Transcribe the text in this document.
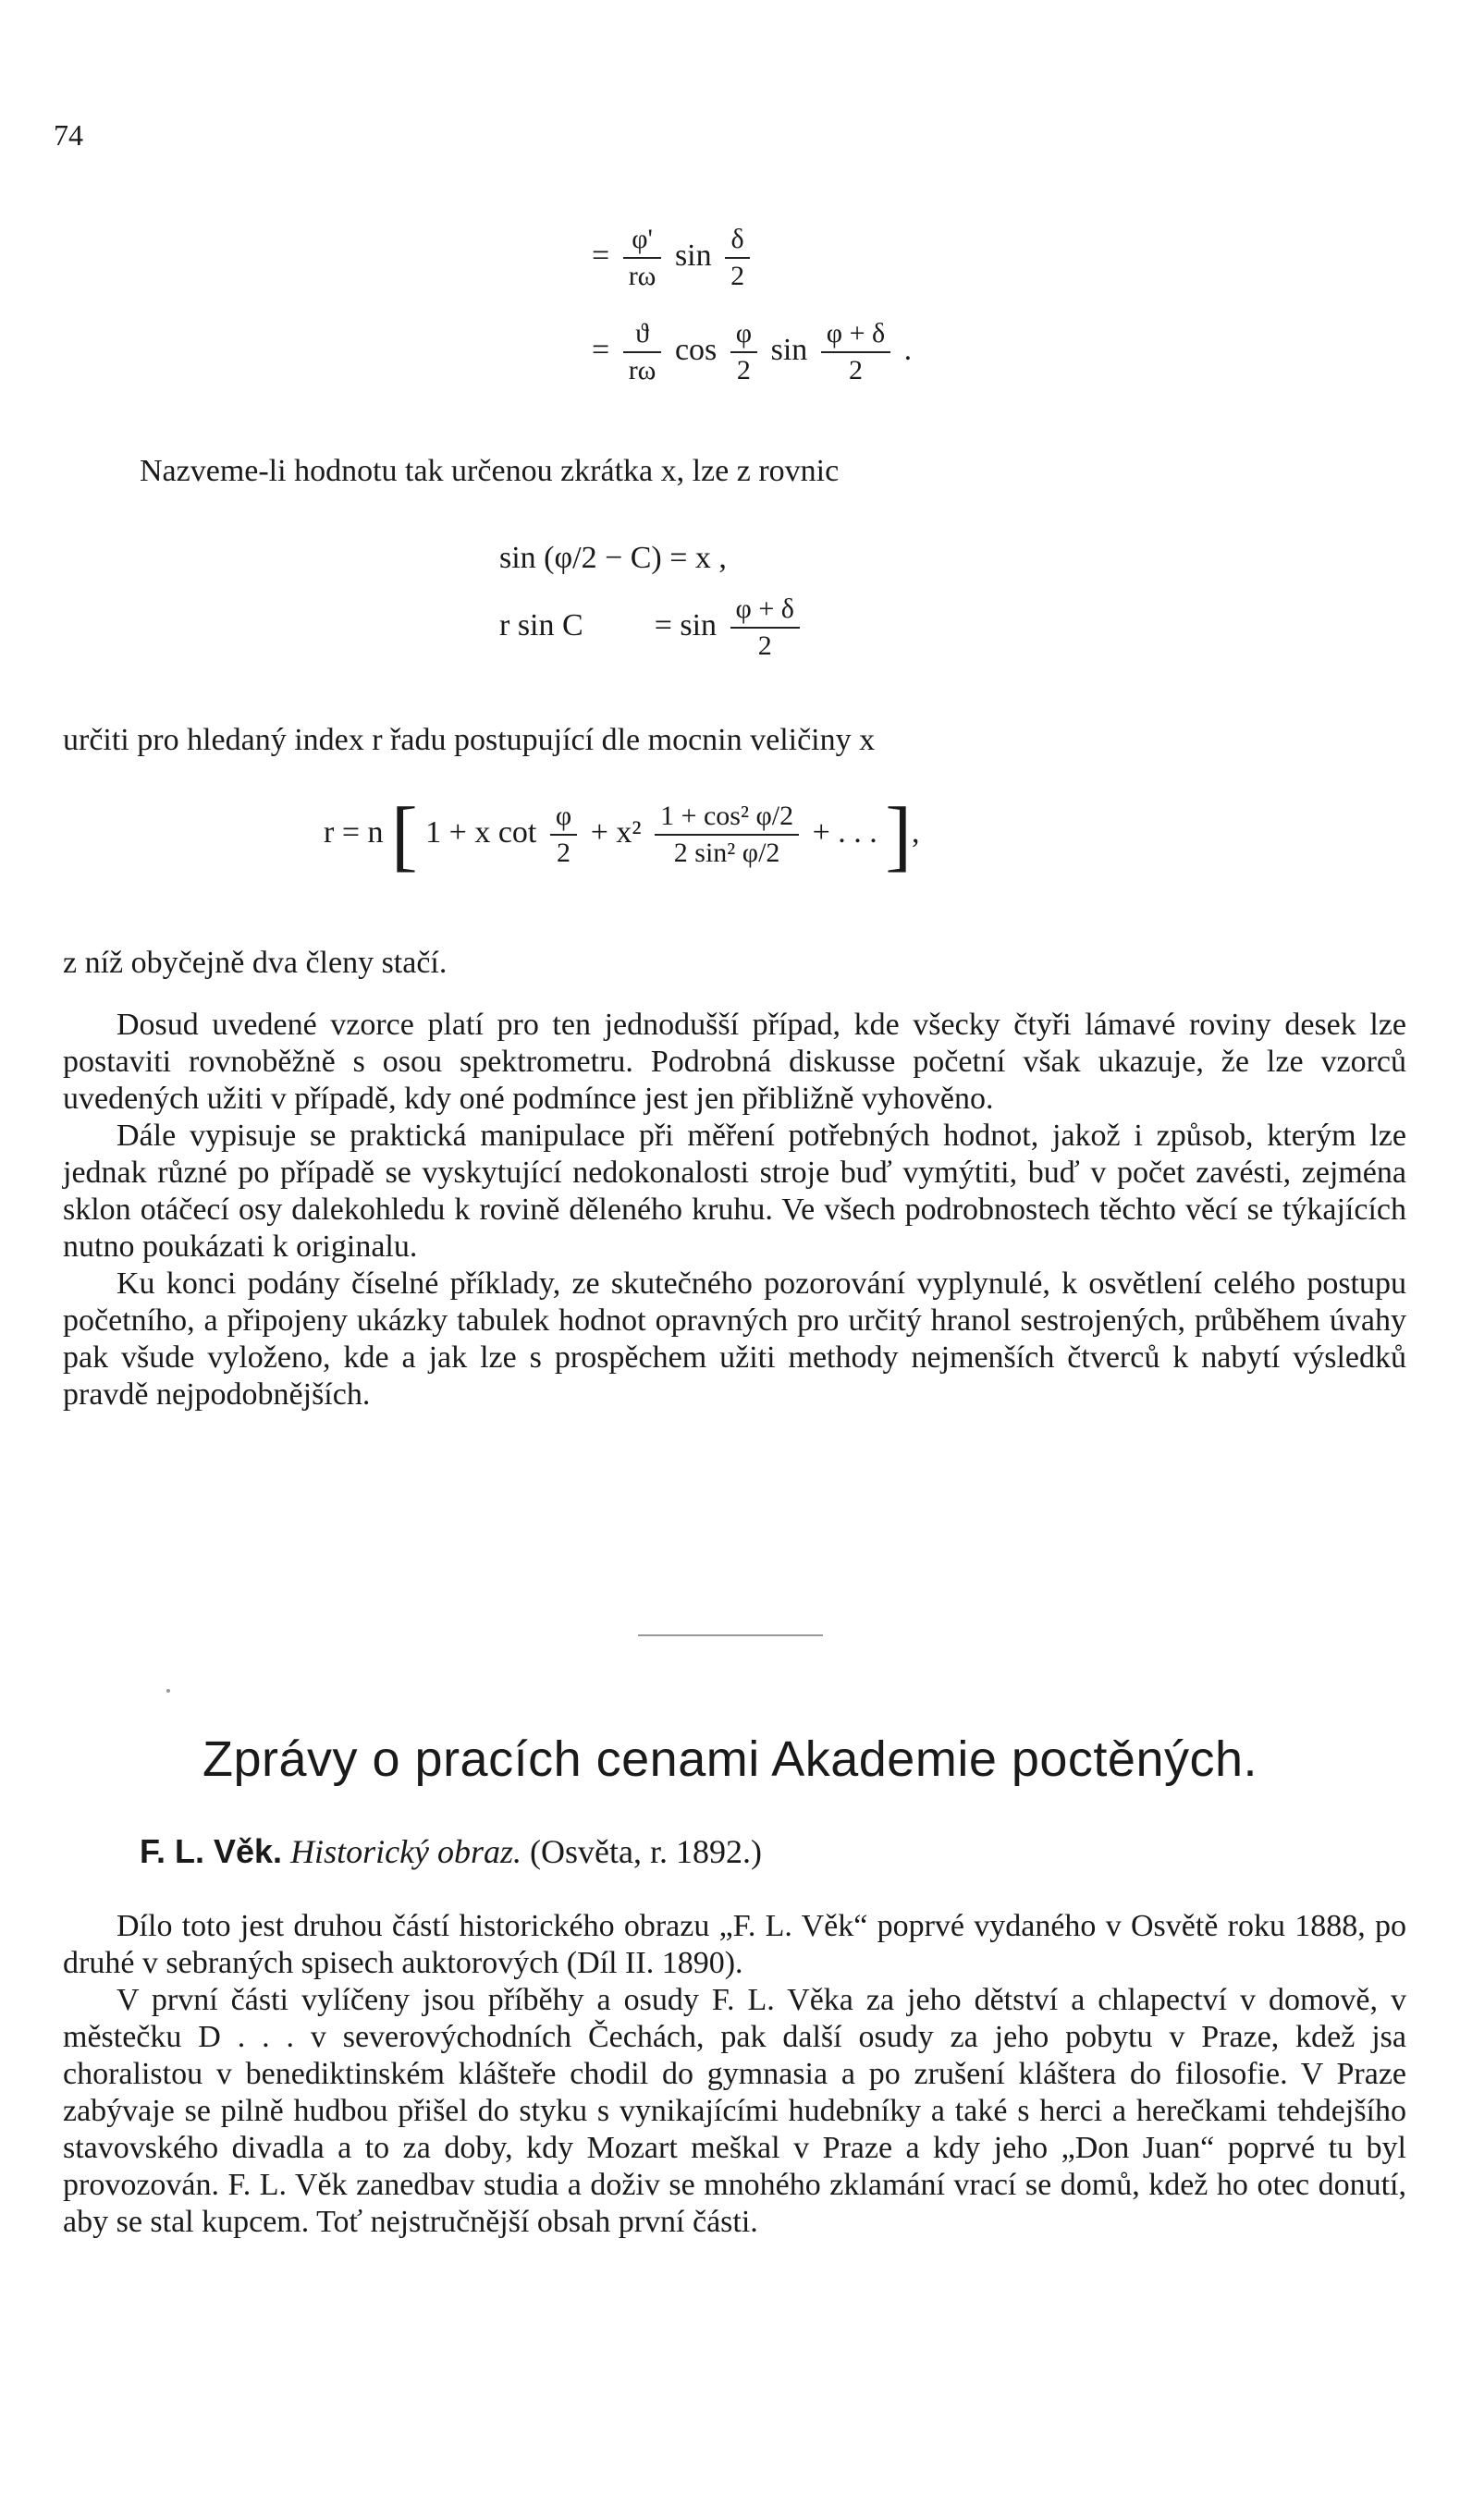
74
= $\frac{\varphi'}{r\omega}$ $\sin \frac{\delta}{2}$
= $\frac{ϑ}{r\omega}$ $\cos \frac{\varphi}{2}$ $\sin \frac{\varphi + \delta}{2}$ .

Nazveme-li hodnotu tak určenou zkrátka x, lze z rovnic

sin (φ/2 − C) = x ,
r $\sin C = \sin \frac{\varphi + \delta}{2}$

určiti pro hledaný index r řadu postupující dle mocnin veličiny x

r = n [ 1 + x $\cot \frac{\varphi}{2} + x^2 \frac{\text{1 + cos² φ/2}}{\text{2 sin² φ/2}}$ + . . . ],

z níž obyčejně dva členy stačí.

Dosud uvedené vzorce platí pro ten jednodušší případ, kde všecky čtyři lámavé roviny desek lze postaviti rovnoběžně s osou spektrometru. Podrobná diskusse početní však ukazuje, že lze vzorců uvedených užiti v případě, kdy oné podmínce jest jen přibližně vyhověno.

Dále vypisuje se praktická manipulace při měření potřebných hodnot, jakož i způsob, kterým lze jednak různé po případě se vyskytující nedokonalosti stroje buď vymýtiti, buď v počet zavésti, zejména sklon otáčecí osy dalekohledu k rovině děleného kruhu. Ve všech podrobnostech těchto věcí se týkajících nutno poukázati k originalu.

Ku konci podány číselné příklady, ze skutečného pozorování vyplynulé, k osvětlení celého postupu početního, a připojeny ukázky tabulek hodnot opravných pro určitý hranol sestrojených, průběhem úvahy pak všude vyloženo, kde a jak lze s prospěchem užiti methody nejmenších čtverců k nabytí výsledků pravdě nejpodobnějších.

Zprávy o pracích cenami Akademie poctěných.
F. L. Věk. Historický obraz. (Osvěta, r. 1892.)

Dílo toto jest druhou částí historického obrazu „F. L. Věk“ poprvé vydaného v Osvětě roku 1888, po druhé v sebraných spisech auktorových (Díl II. 1890).

V první části vylíčeny jsou příběhy a osudy F. L. Věka za jeho dětství a chlapectví v domově, v městečku D . . . v severovýchodních Čechách, pak další osudy za jeho pobytu v Praze, kdež jsa choralistou v benediktinském klášteře chodil do gymnasia a po zrušení kláštera do filosofie. V Praze zabývaje se pilně hudbou přišel do styku s vynikajícími hudebníky a také s herci a herečkami tehdejšího stavovského divadla a to za doby, kdy Mozart meškal v Praze a kdy jeho „Don Juan“ poprvé tu byl provozován. F. L. Věk zanedbav studia a doživ se mnohého zklamání vrací se domů, kdež ho otec donutí, aby se stal kupcem. Toť nejstručnější obsah první části.
